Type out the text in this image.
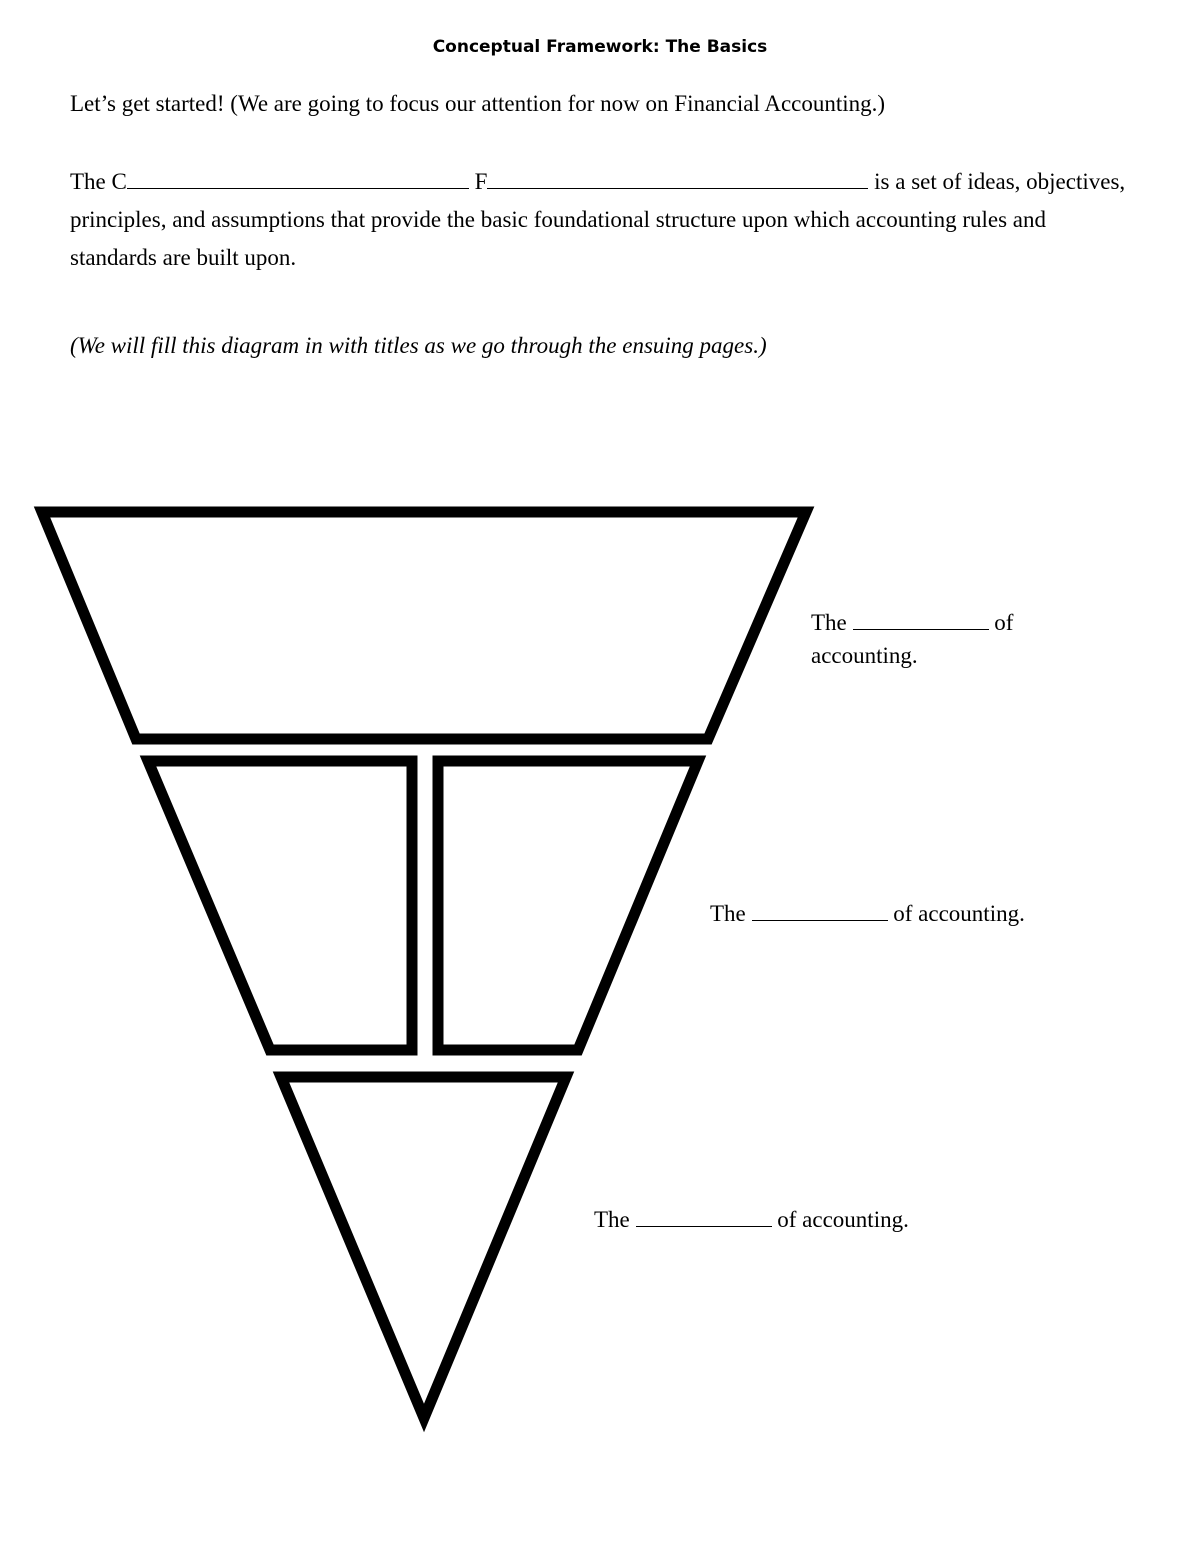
Conceptual Framework: The Basics
Let’s get started! (We are going to focus our attention for now on Financial Accounting.)
The C	F	is a set of ideas, objectives, principles, and assumptions that provide the basic foundational structure upon which accounting rules and standards are built upon.
(We will fill this diagram in with titles as we go through the ensuing pages.)
The	of accounting.
The	of accounting.
The	of accounting.
